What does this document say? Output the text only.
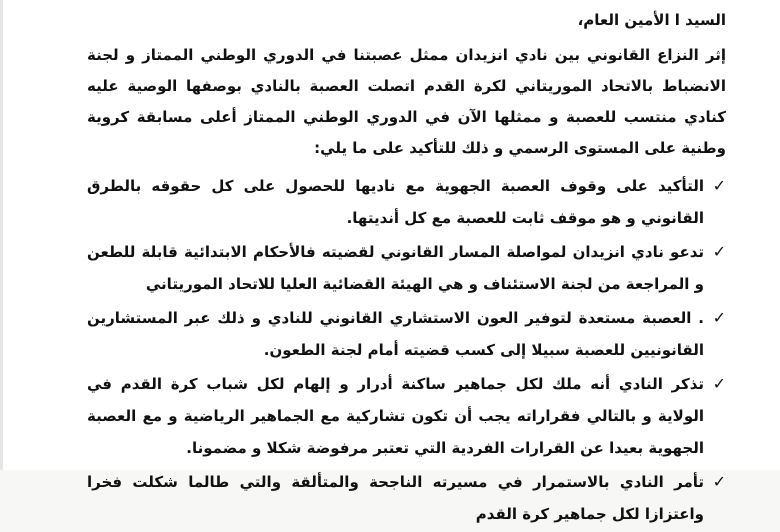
السيد ا الأمين العام،
إثر النزاع القانوني بين نادي انزيدان ممثل عصبتنا في الدوري الوطني الممتاز و لجنة الانضباط بالاتحاد الموريتاني لكرة القدم اتصلت العصبة بالنادي بوصفها الوصية عليه كنادي منتسب للعصبة و ممثلها الآن في الدوري الوطني الممتاز أعلى مسابقة كروية وطنية على المستوى الرسمي و ذلك للتأكيد على ما يلي:
✓
التأكيد على وقوف العصبة الجهوية مع ناديها للحصول على كل حقوقه بالطرق القانوني و هو موقف ثابت للعصبة مع كل أنديتها.
✓
تدعو نادي انزيدان لمواصلة المسار القانوني لقضيته فالأحكام الابتدائية قابلة للطعن و المراجعة من لجنة الاستئناف و هي الهيئة القضائية العليا للاتحاد الموريتاني
✓
. العصبة مستعدة لتوفير العون الاستشاري القانوني للنادي و ذلك عبر المستشارين القانونيين للعصبة سبيلا إلى كسب قضيته أمام لجنة الطعون.
✓
تذكر النادي أنه ملك لكل جماهير ساكنة أدرار و إلهام لكل شباب كرة القدم في الولاية و بالتالي فقراراته يجب أن تكون تشاركية مع الجماهير الرياضية و مع العصبة الجهوية بعيدا عن القرارات الفردية التي تعتبر مرفوضة شكلا و مضمونا.
✓
تأمر النادي بالاستمرار في مسيرته الناجحة والمتألقة والتي طالما شكلت فخرا واعتزازا لكل جماهير كرة القدم
